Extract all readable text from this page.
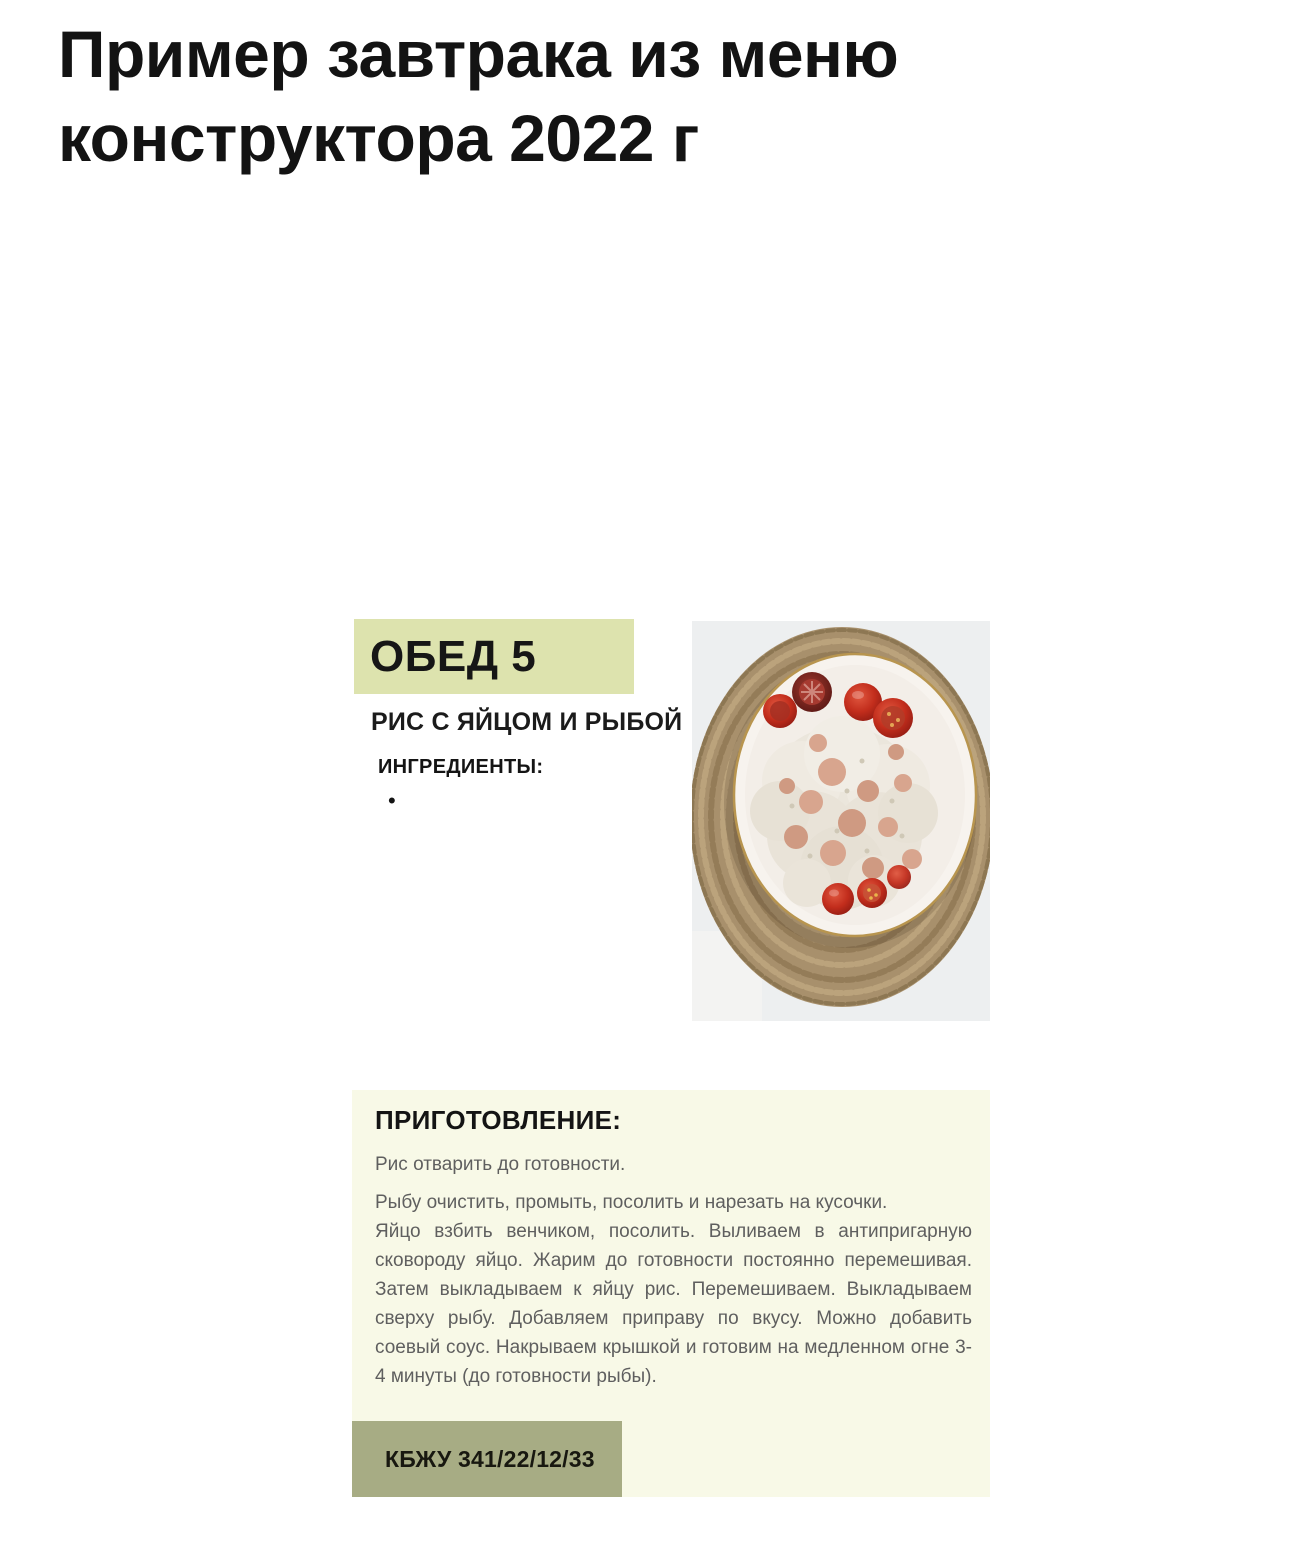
Пример завтрака из меню
конструктора 2022 г

ОБЕД 5
РИС С ЯЙЦОМ И РЫБОЙ
ИНГРЕДИЕНТЫ:
ПРИГОТОВЛЕНИЕ:

Рис отварить до готовности.

Рыбу очистить, промыть, посолить и нарезать на кусочки.

Яйцо взбить венчиком, посолить. Выливаем в антипригарную сковороду яйцо. Жарим до готовности постоянно перемешивая. Затем выкладываем к яйцу рис. Перемешиваем. Выкладываем сверху рыбу. Добавляем приправу по вкусу. Можно добавить соевый соус. Накрываем крышкой и готовим на медленном огне 3-4 минуты (до готовности рыбы).

КБЖУ 341/22/12/33
